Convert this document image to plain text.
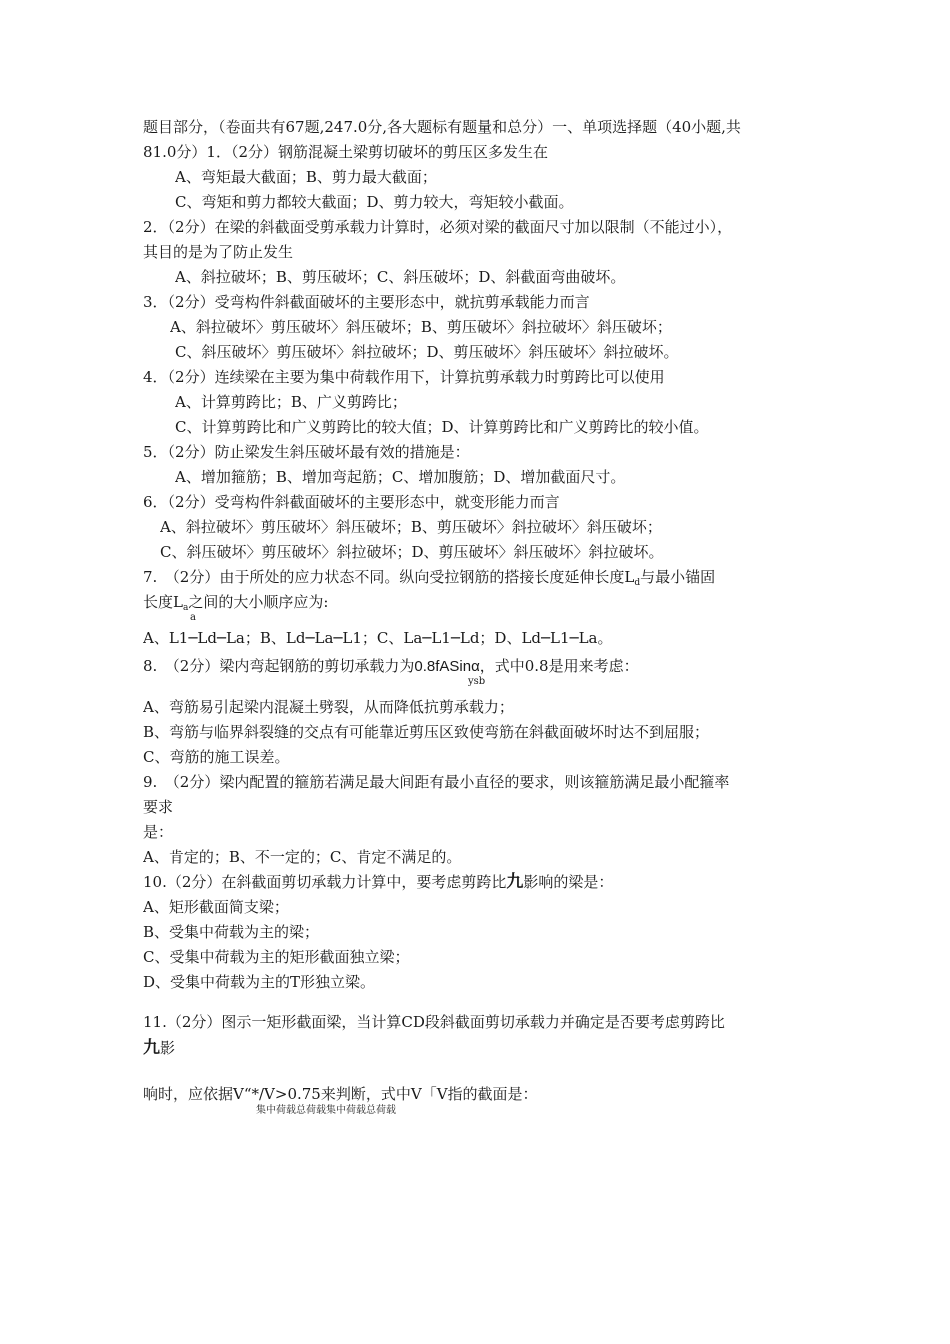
题目部分，（卷面共有67题,247.0分,各大题标有题量和总分）一、单项选择题（40小题,共
81.0分）1．（2分）钢筋混凝土梁剪切破坏的剪压区多发生在
A、弯矩最大截面；B、剪力最大截面；
C、弯矩和剪力都较大截面；D、剪力较大，弯矩较小截面。
2．（2分）在梁的斜截面受剪承载力计算时，必须对梁的截面尺寸加以限制（不能过小），
其目的是为了防止发生
A、斜拉破坏；B、剪压破坏；C、斜压破坏；D、斜截面弯曲破坏。
3．（2分）受弯构件斜截面破坏的主要形态中，就抗剪承载能力而言
A、斜拉破坏〉剪压破坏〉斜压破坏；B、剪压破坏〉斜拉破坏〉斜压破坏；
C、斜压破坏〉剪压破坏〉斜拉破坏；D、剪压破坏〉斜压破坏〉斜拉破坏。
4．（2分）连续梁在主要为集中荷载作用下，计算抗剪承载力时剪跨比可以使用
A、计算剪跨比；B、广义剪跨比；
C、计算剪跨比和广义剪跨比的较大值；D、计算剪跨比和广义剪跨比的较小值。
5．（2分）防止梁发生斜压破坏最有效的措施是：
A、增加箍筋；B、增加弯起筋；C、增加腹筋；D、增加截面尺寸。
6．（2分）受弯构件斜截面破坏的主要形态中，就变形能力而言
A、斜拉破坏〉剪压破坏〉斜压破坏；B、剪压破坏〉斜拉破坏〉斜压破坏；
C、斜压破坏〉剪压破坏〉斜拉破坏；D、剪压破坏〉斜压破坏〉斜拉破坏。
7.　（2分）由于所处的应力状态不同。纵向受拉钢筋的搭接长度延伸长度$L_d$与最小锚固
长度$L_a$之间的大小顺序应为:
a
A、L1─Ld─La；B、Ld─La─L1；C、La─L1─Ld；D、Ld─L1─La。
8.　（2分）梁内弯起钢筋的剪切承载力为0.8fASinα，式中0.8是用来考虑：
ysb
A、弯筋易引起梁内混凝土劈裂，从而降低抗剪承载力；
B、弯筋与临界斜裂缝的交点有可能靠近剪压区致使弯筋在斜截面破坏时达不到屈服；
C、弯筋的施工误差。
9.　（2分）梁内配置的箍筋若满足最大间距有最小直径的要求，则该箍筋满足最小配箍率
要求
是：
A、肯定的；B、不一定的；C、肯定不满足的。
10.（2分）在斜截面剪切承载力计算中，要考虑剪跨比九影响的梁是：
A、矩形截面简支梁；
B、受集中荷载为主的梁；
C、受集中荷载为主的矩形截面独立梁；
D、受集中荷载为主的T形独立梁。
11.（2分）图示一矩形截面梁，当计算CD段斜截面剪切承载力并确定是否要考虑剪跨比
九影
响时，应依据V“*/V>0.75来判断，式中V「V指的截面是：
集中荷载总荷载集中荷载总荷载
